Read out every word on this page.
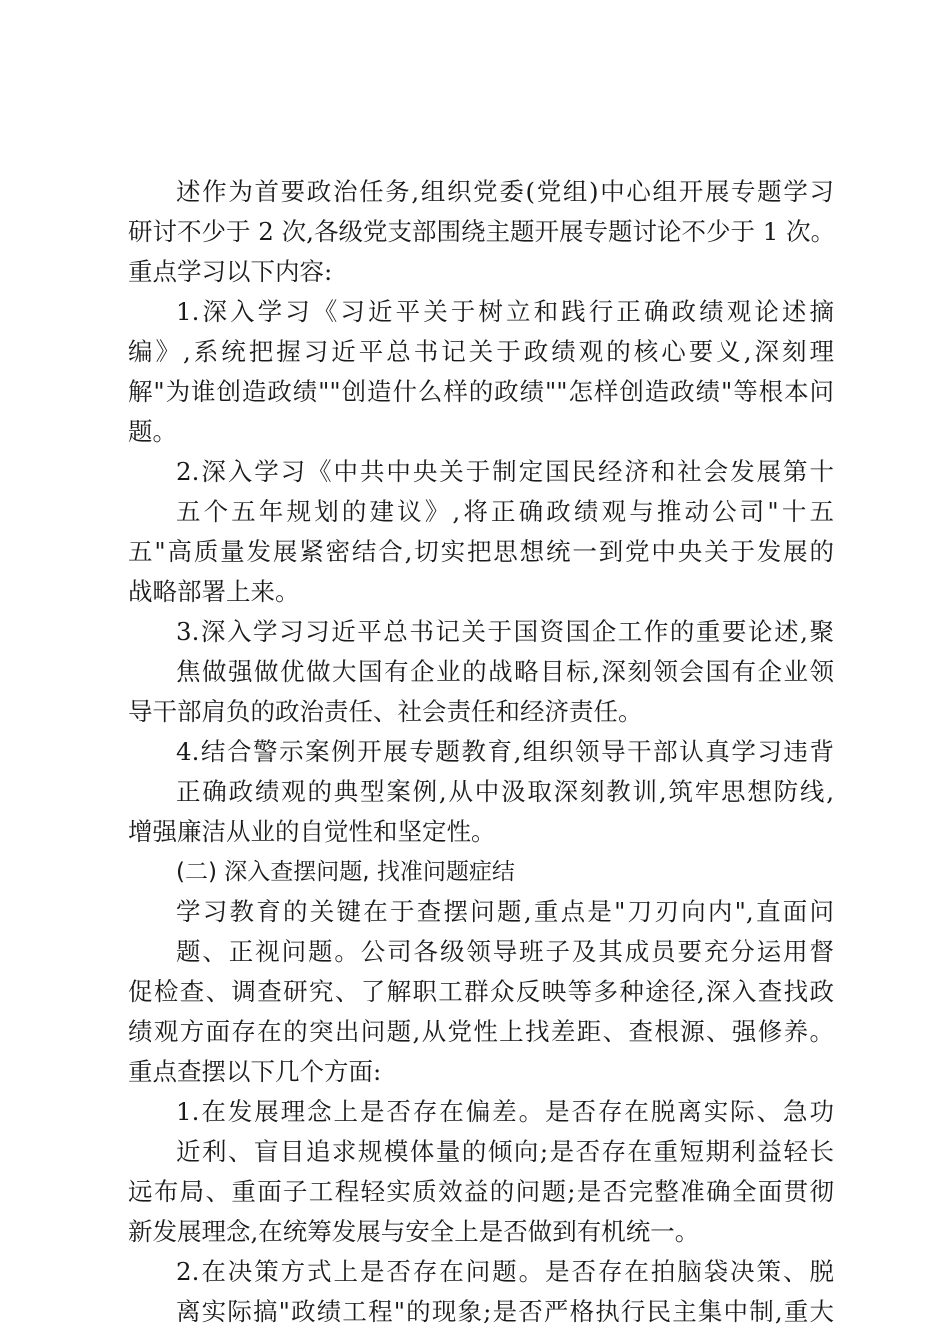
述作为首要政治任务,组织党委(党组)中心组开展专题学习
研讨不少于 2 次,各级党支部围绕主题开展专题讨论不少于 1 次。
重点学习以下内容:
1.深入学习《习近平关于树立和践行正确政绩观论述摘
编》,系统把握习近平总书记关于政绩观的核心要义,深刻理
解"为谁创造政绩""创造什么样的政绩""怎样创造政绩"等根本问
题。
2.深入学习《中共中央关于制定国民经济和社会发展第十
五个五年规划的建议》,将正确政绩观与推动公司"十五
五"高质量发展紧密结合,切实把思想统一到党中央关于发展的
战略部署上来。
3.深入学习习近平总书记关于国资国企工作的重要论述,聚
焦做强做优做大国有企业的战略目标,深刻领会国有企业领
导干部肩负的政治责任、社会责任和经济责任。
4.结合警示案例开展专题教育,组织领导干部认真学习违背
正确政绩观的典型案例,从中汲取深刻教训,筑牢思想防线,
增强廉洁从业的自觉性和坚定性。
(二) 深入查摆问题, 找准问题症结
学习教育的关键在于查摆问题,重点是"刀刃向内",直面问
题、正视问题。公司各级领导班子及其成员要充分运用督
促检查、调查研究、了解职工群众反映等多种途径,深入查找政
绩观方面存在的突出问题,从党性上找差距、查根源、强修养。
重点查摆以下几个方面:
1.在发展理念上是否存在偏差。是否存在脱离实际、急功
近利、盲目追求规模体量的倾向;是否存在重短期利益轻长
远布局、重面子工程轻实质效益的问题;是否完整准确全面贯彻
新发展理念,在统筹发展与安全上是否做到有机统一。
2.在决策方式上是否存在问题。是否存在拍脑袋决策、脱
离实际搞"政绩工程"的现象;是否严格执行民主集中制,重大
